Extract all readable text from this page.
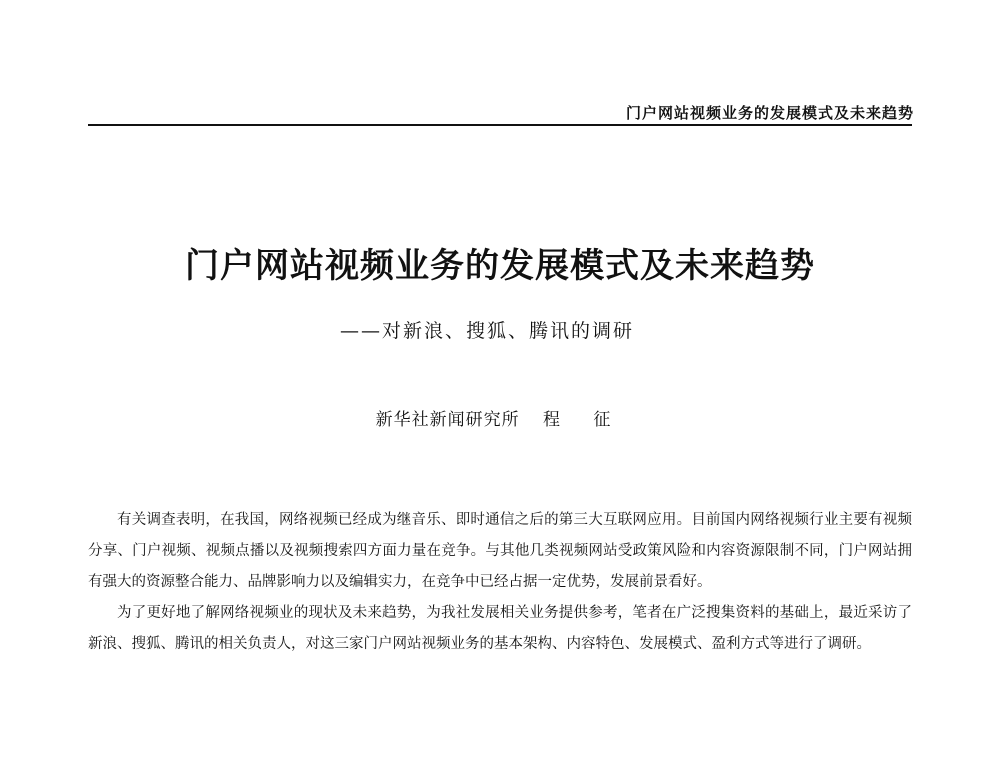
门户网站视频业务的发展模式及未来趋势
门户网站视频业务的发展模式及未来趋势
——对新浪、搜狐、腾讯的调研
新华社新闻研究所 程 征

有关调查表明，在我国，网络视频已经成为继音乐、即时通信之后的第三大互联网应用。目前国内网络视频行业主要有视频分享、门户视频、视频点播以及视频搜索四方面力量在竞争。与其他几类视频网站受政策风险和内容资源限制不同，门户网站拥有强大的资源整合能力、品牌影响力以及编辑实力，在竞争中已经占据一定优势，发展前景看好。

为了更好地了解网络视频业的现状及未来趋势，为我社发展相关业务提供参考，笔者在广泛搜集资料的基础上，最近采访了新浪、搜狐、腾讯的相关负责人，对这三家门户网站视频业务的基本架构、内容特色、发展模式、盈利方式等进行了调研。
